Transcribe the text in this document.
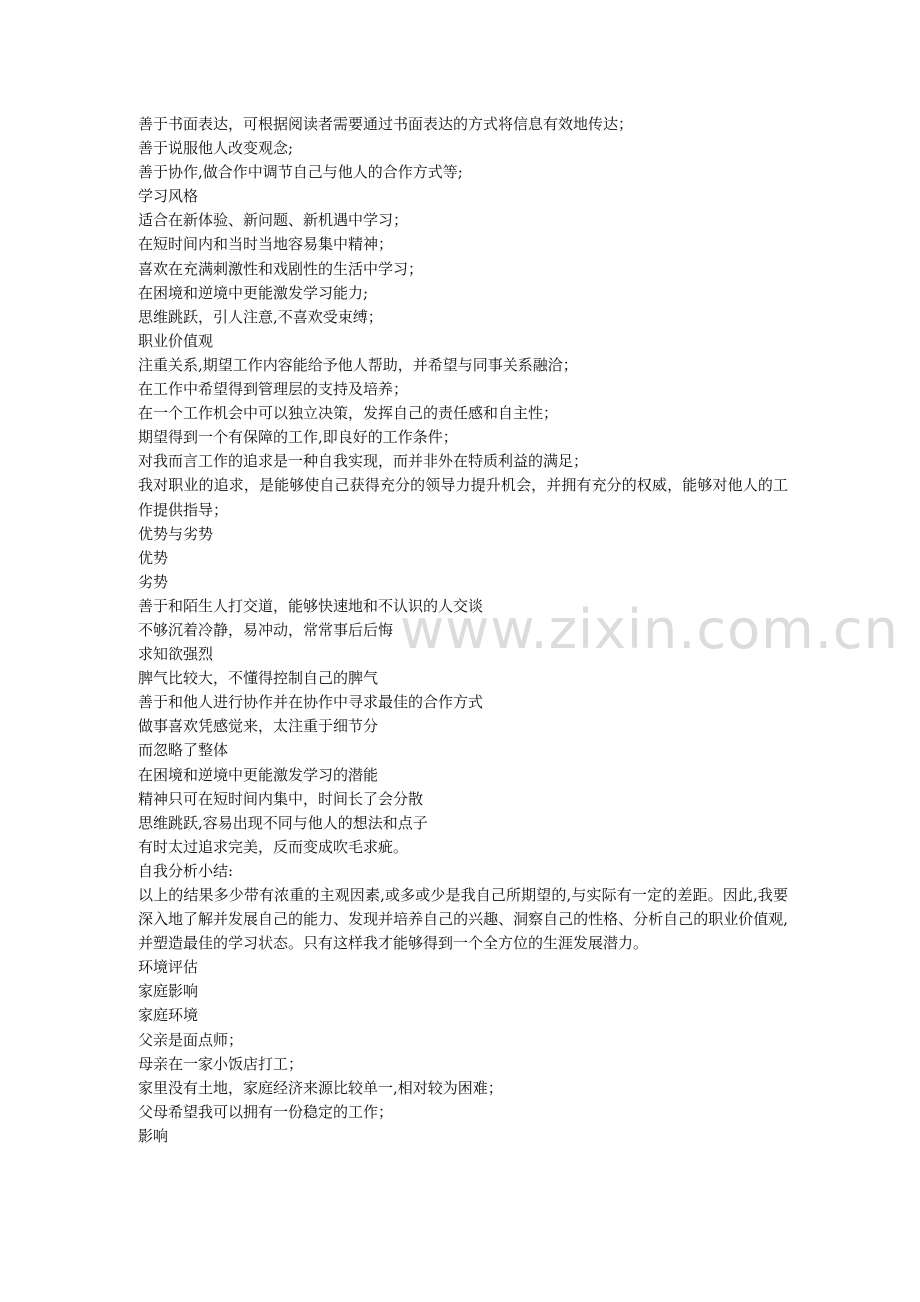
www.zixin.com.cn
善于书面表达，可根据阅读者需要通过书面表达的方式将信息有效地传达；
善于说服他人改变观念;
善于协作,做合作中调节自己与他人的合作方式等;
学习风格
适合在新体验、新问题、新机遇中学习；
在短时间内和当时当地容易集中精神；
喜欢在充满刺激性和戏剧性的生活中学习；
在困境和逆境中更能激发学习能力;
思维跳跃，引人注意,不喜欢受束缚；
职业价值观
注重关系,期望工作内容能给予他人帮助，并希望与同事关系融洽；
在工作中希望得到管理层的支持及培养；
在一个工作机会中可以独立决策，发挥自己的责任感和自主性；
期望得到一个有保障的工作,即良好的工作条件；
对我而言工作的追求是一种自我实现，而并非外在特质利益的满足；
我对职业的追求，是能够使自己获得充分的领导力提升机会，并拥有充分的权威，能够对他人的工作提供指导；
优势与劣势
优势
劣势
善于和陌生人打交道，能够快速地和不认识的人交谈
不够沉着冷静，易冲动，常常事后后悔
求知欲强烈
脾气比较大，不懂得控制自己的脾气
善于和他人进行协作并在协作中寻求最佳的合作方式
做事喜欢凭感觉来，太注重于细节分
而忽略了整体
在困境和逆境中更能激发学习的潜能
精神只可在短时间内集中，时间长了会分散
思维跳跃,容易出现不同与他人的想法和点子
有时太过追求完美，反而变成吹毛求疵。
自我分析小结:
以上的结果多少带有浓重的主观因素,或多或少是我自己所期望的,与实际有一定的差距。因此,我要深入地了解并发展自己的能力、发现并培养自己的兴趣、洞察自己的性格、分析自己的职业价值观,并塑造最佳的学习状态。只有这样我才能够得到一个全方位的生涯发展潜力。
环境评估
家庭影响
家庭环境
父亲是面点师；
母亲在一家小饭店打工；
家里没有土地，家庭经济来源比较单一,相对较为困难；
父母希望我可以拥有一份稳定的工作；
影响
